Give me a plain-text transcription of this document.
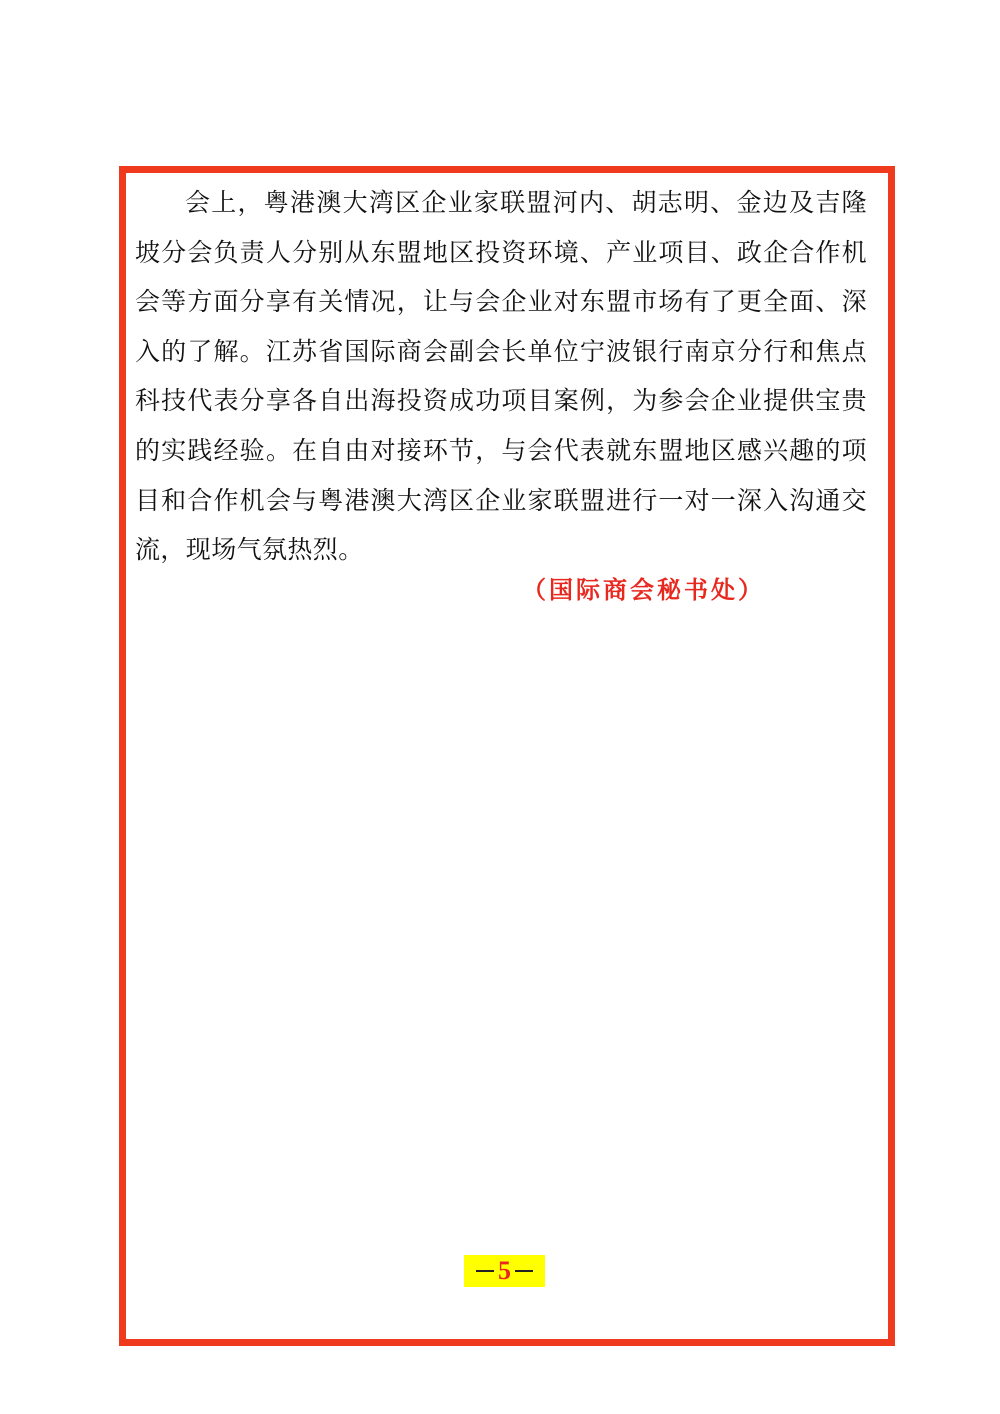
会上，粤港澳大湾区企业家联盟河内、胡志明、金边及吉隆坡分会负责人分别从东盟地区投资环境、产业项目、政企合作机会等方面分享有关情况，让与会企业对东盟市场有了更全面、深入的了解。江苏省国际商会副会长单位宁波银行南京分行和焦点科技代表分享各自出海投资成功项目案例，为参会企业提供宝贵的实践经验。在自由对接环节，与会代表就东盟地区感兴趣的项目和合作机会与粤港澳大湾区企业家联盟进行一对一深入沟通交流，现场气氛热烈。

（国际商会秘书处）
5
